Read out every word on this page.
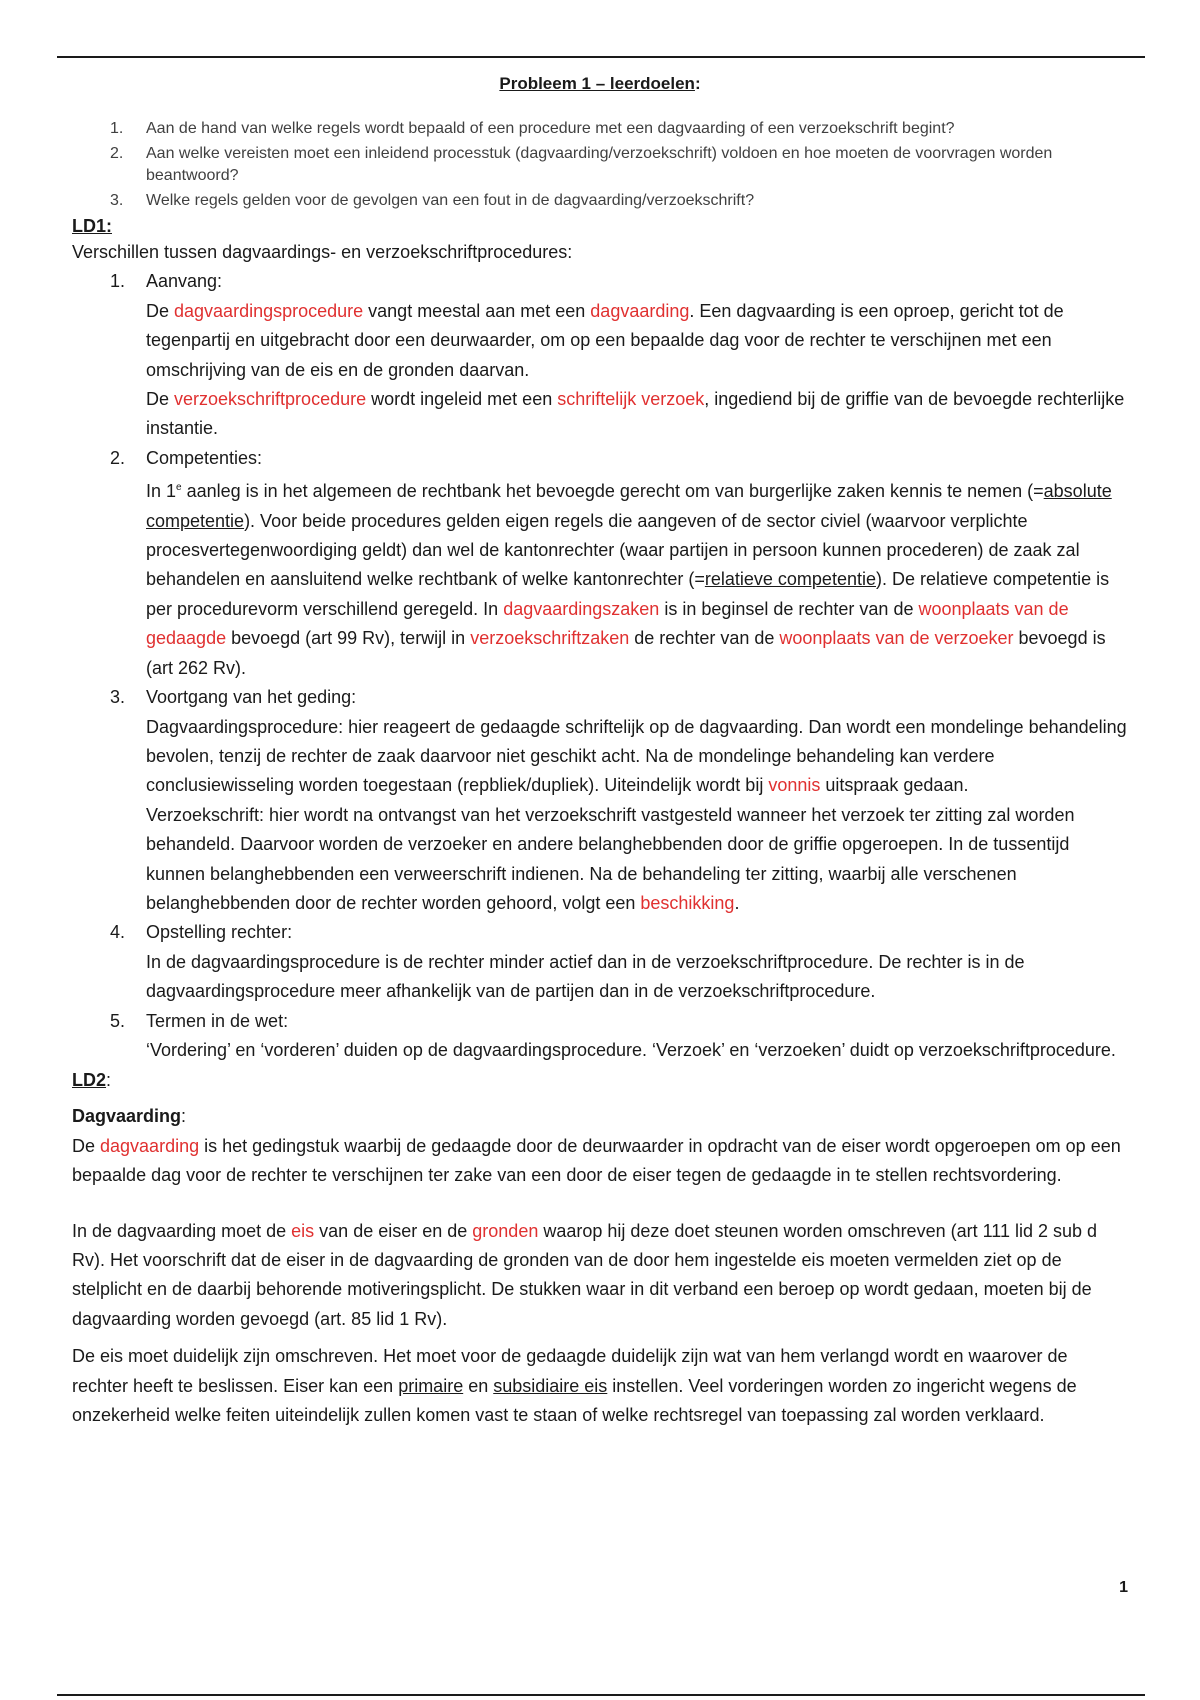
Probleem 1 – leerdoelen:
1. Aan de hand van welke regels wordt bepaald of een procedure met een dagvaarding of een verzoekschrift begint?
2. Aan welke vereisten moet een inleidend processtuk (dagvaarding/verzoekschrift) voldoen en hoe moeten de voorvragen worden beantwoord?
3. Welke regels gelden voor de gevolgen van een fout in de dagvaarding/verzoekschrift?
LD1:
Verschillen tussen dagvaardings- en verzoekschriftprocedures:
1. Aanvang:
De dagvaardingsprocedure vangt meestal aan met een dagvaarding. Een dagvaarding is een oproep, gericht tot de tegenpartij en uitgebracht door een deurwaarder, om op een bepaalde dag voor de rechter te verschijnen met een omschrijving van de eis en de gronden daarvan.
De verzoekschriftprocedure wordt ingeleid met een schriftelijk verzoek, ingediend bij de griffie van de bevoegde rechterlijke instantie.
2. Competenties:
In 1e aanleg is in het algemeen de rechtbank het bevoegde gerecht om van burgerlijke zaken kennis te nemen (=absolute competentie). Voor beide procedures gelden eigen regels die aangeven of de sector civiel (waarvoor verplichte procesvertegenwoordiging geldt) dan wel de kantonrechter (waar partijen in persoon kunnen procederen) de zaak zal behandelen en aansluitend welke rechtbank of welke kantonrechter (=relatieve competentie). De relatieve competentie is per procedurevorm verschillend geregeld. In dagvaardingszaken is in beginsel de rechter van de woonplaats van de gedaagde bevoegd (art 99 Rv), terwijl in verzoekschriftzaken de rechter van de woonplaats van de verzoeker bevoegd is (art 262 Rv).
3. Voortgang van het geding:
Dagvaardingsprocedure: hier reageert de gedaagde schriftelijk op de dagvaarding. Dan wordt een mondelinge behandeling bevolen, tenzij de rechter de zaak daarvoor niet geschikt acht. Na de mondelinge behandeling kan verdere conclusiewisseling worden toegestaan (repbliek/dupliek). Uiteindelijk wordt bij vonnis uitspraak gedaan.
Verzoekschrift: hier wordt na ontvangst van het verzoekschrift vastgesteld wanneer het verzoek ter zitting zal worden behandeld. Daarvoor worden de verzoeker en andere belanghebbenden door de griffie opgeroepen. In de tussentijd kunnen belanghebbenden een verweerschrift indienen. Na de behandeling ter zitting, waarbij alle verschenen belanghebbenden door de rechter worden gehoord, volgt een beschikking.
4. Opstelling rechter:
In de dagvaardingsprocedure is de rechter minder actief dan in de verzoekschriftprocedure. De rechter is in de dagvaardingsprocedure meer afhankelijk van de partijen dan in de verzoekschriftprocedure.
5. Termen in de wet:
‘Vordering’ en ‘vorderen’ duiden op de dagvaardingsprocedure. ‘Verzoek’ en ‘verzoeken’ duidt op verzoekschriftprocedure.
LD2:
Dagvaarding:
De dagvaarding is het gedingstuk waarbij de gedaagde door de deurwaarder in opdracht van de eiser wordt opgeroepen om op een bepaalde dag voor de rechter te verschijnen ter zake van een door de eiser tegen de gedaagde in te stellen rechtsvordering.
In de dagvaarding moet de eis van de eiser en de gronden waarop hij deze doet steunen worden omschreven (art 111 lid 2 sub d Rv). Het voorschrift dat de eiser in de dagvaarding de gronden van de door hem ingestelde eis moeten vermelden ziet op de stelplicht en de daarbij behorende motiveringsplicht. De stukken waar in dit verband een beroep op wordt gedaan, moeten bij de dagvaarding worden gevoegd (art. 85 lid 1 Rv).
De eis moet duidelijk zijn omschreven. Het moet voor de gedaagde duidelijk zijn wat van hem verlangd wordt en waarover de rechter heeft te beslissen. Eiser kan een primaire en subsidiaire eis instellen. Veel vorderingen worden zo ingericht wegens de onzekerheid welke feiten uiteindelijk zullen komen vast te staan of welke rechtsregel van toepassing zal worden verklaard.
1
